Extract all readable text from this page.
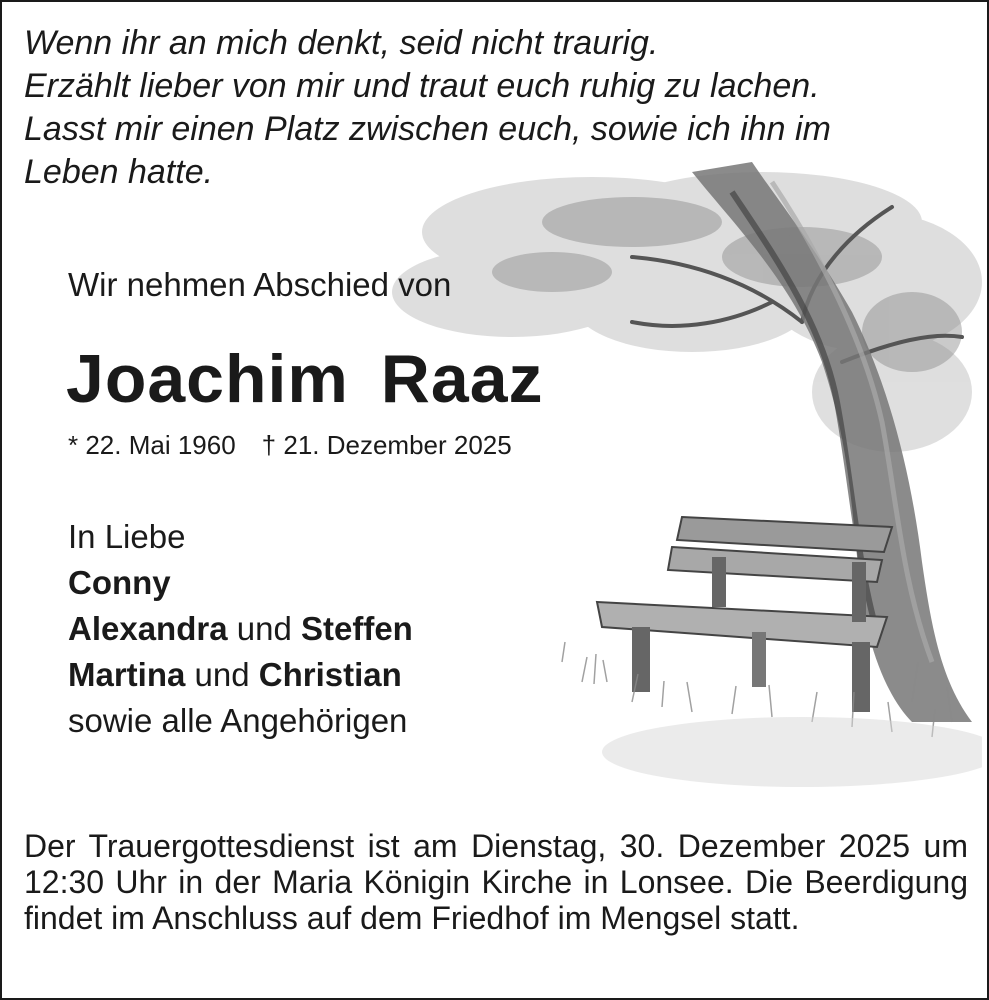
Wenn ihr an mich denkt, seid nicht traurig.
Erzählt lieber von mir und traut euch ruhig zu lachen.
Lasst mir einen Platz zwischen euch, sowie ich ihn im
Leben hatte.
Wir nehmen Abschied von
Joachim Raaz
* 22. Mai 1960 † 21. Dezember 2025
In Liebe
Conny
Alexandra und Steffen
Martina und Christian
sowie alle Angehörigen

Der Trauergottesdienst ist am Dienstag, 30. Dezember 2025 um 12:30 Uhr in der Maria Königin Kirche in Lonsee. Die Beerdigung findet im Anschluss auf dem Friedhof im Mengsel statt.
